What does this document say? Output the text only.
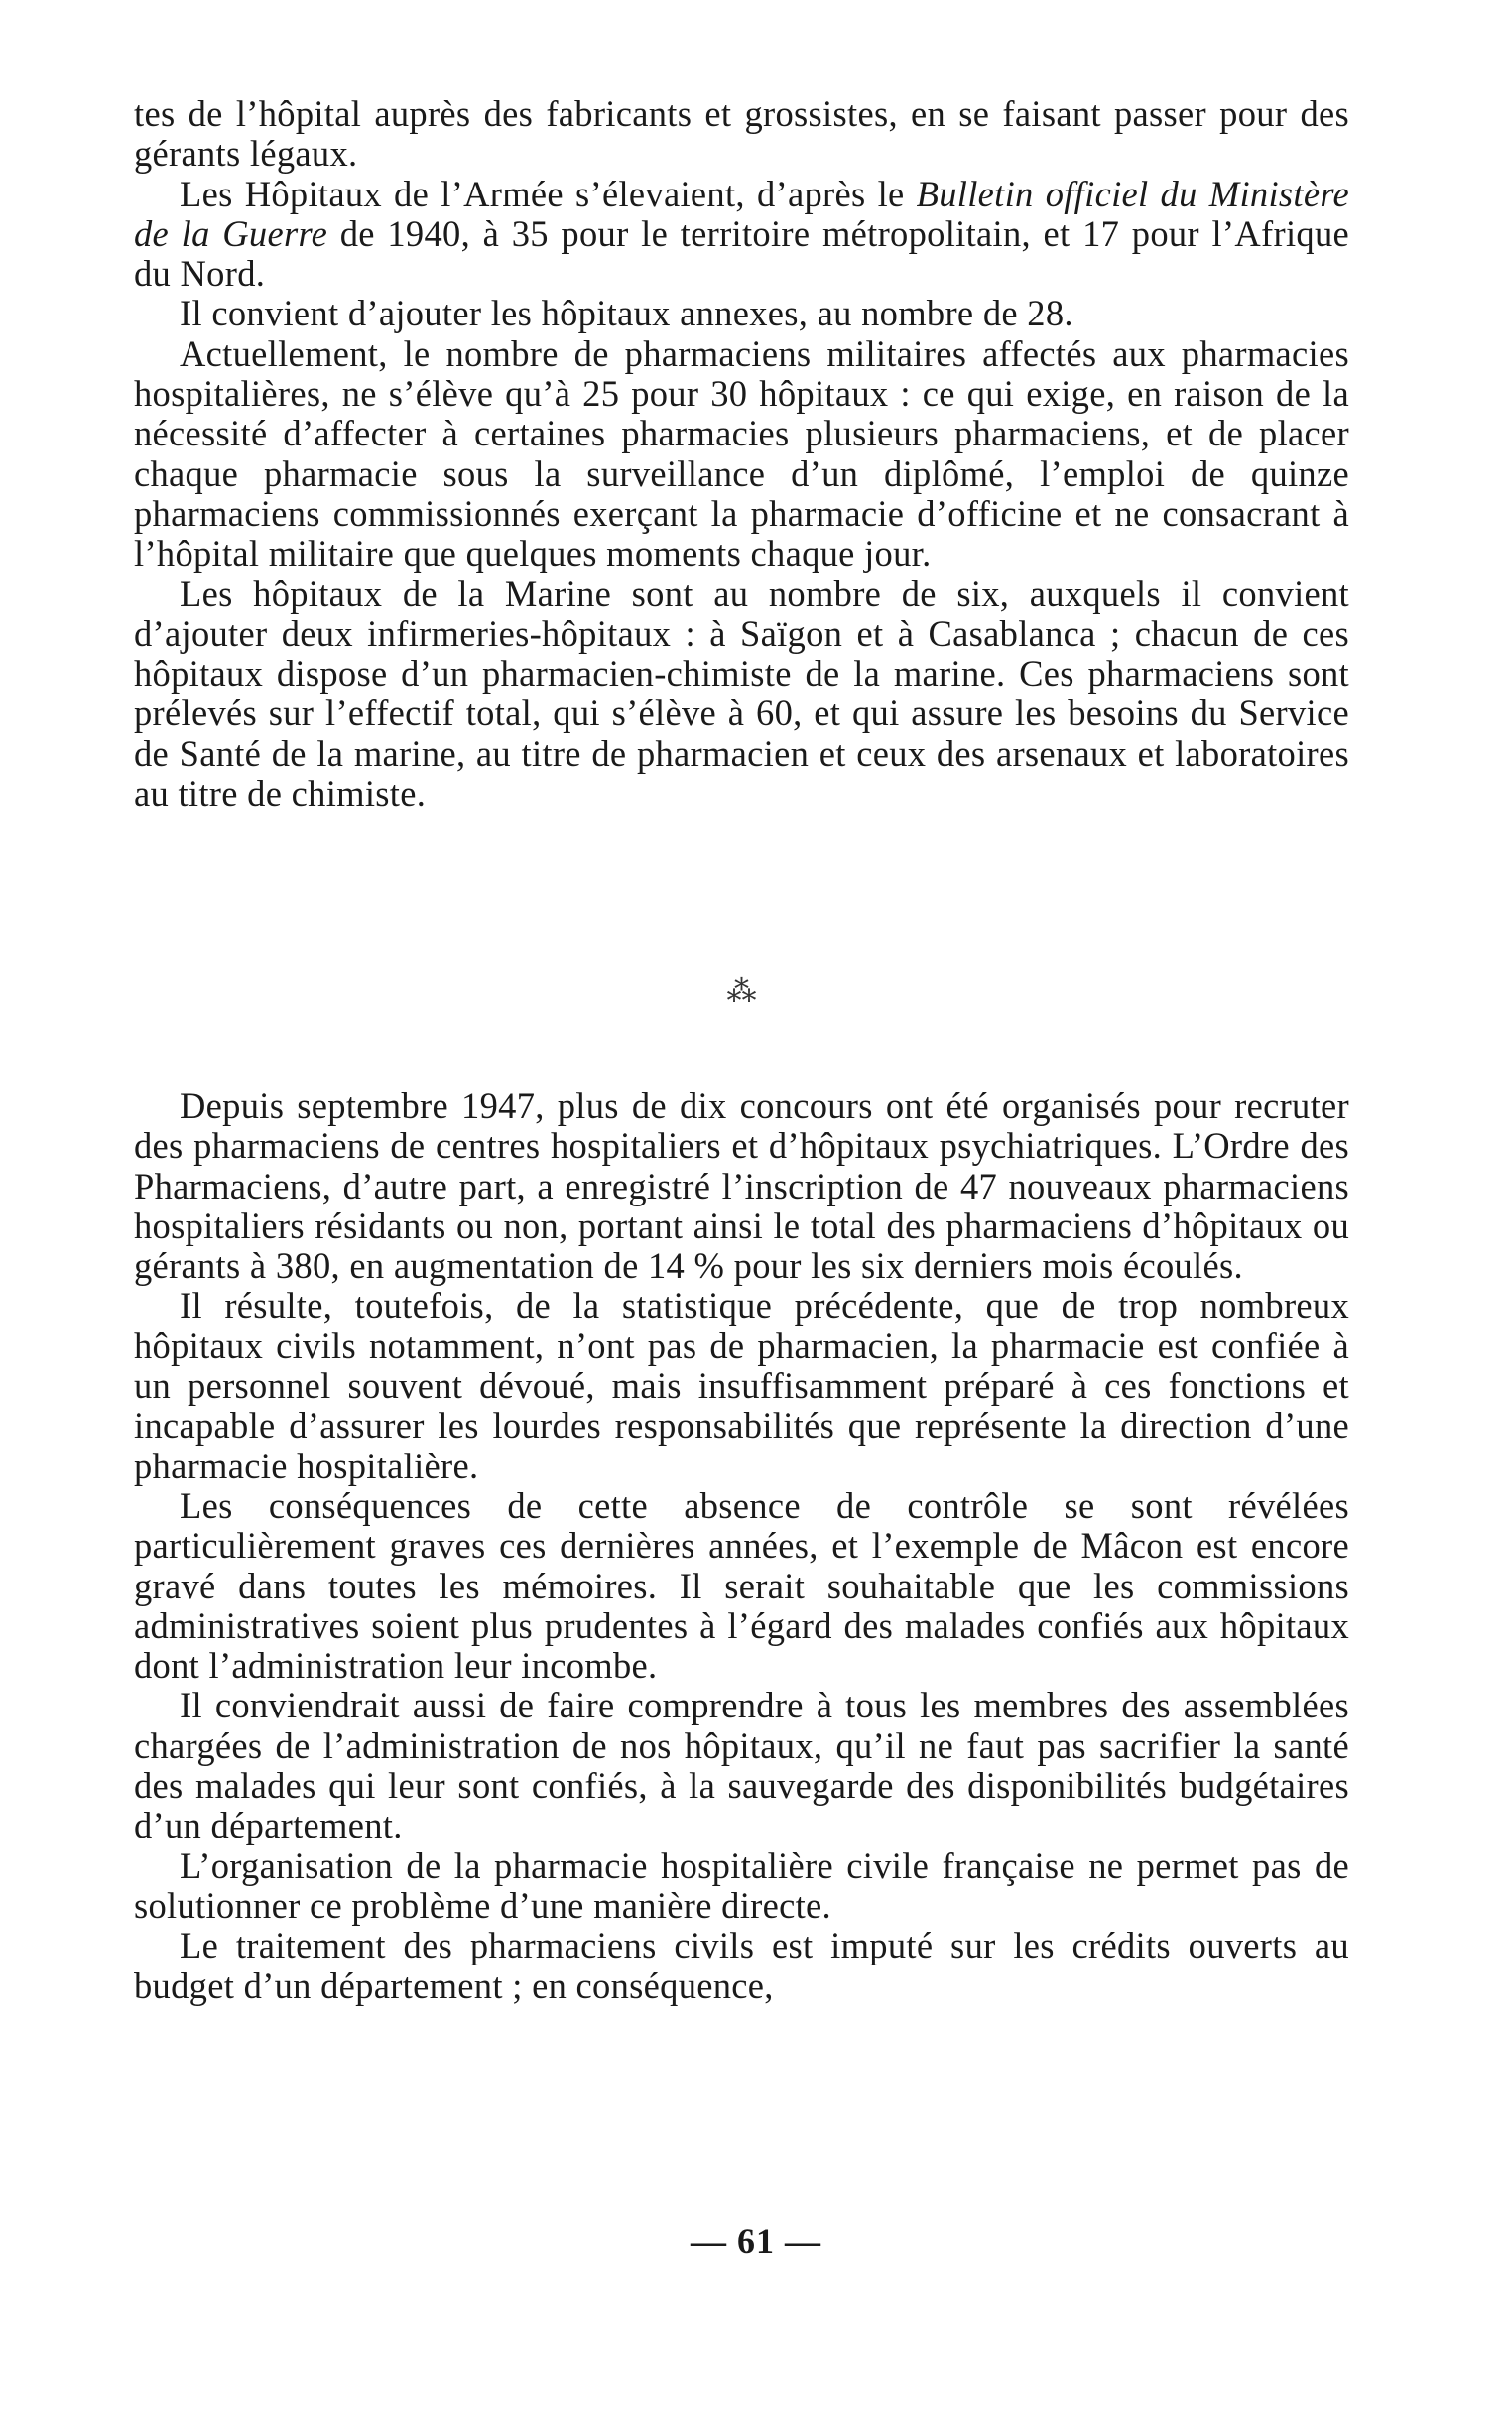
tes de l’hôpital auprès des fabricants et grossistes, en se faisant passer pour des gérants légaux.

Les Hôpitaux de l’Armée s’élevaient, d’après le Bulletin officiel du Ministère de la Guerre de 1940, à 35 pour le territoire métropolitain, et 17 pour l’Afrique du Nord.

Il convient d’ajouter les hôpitaux annexes, au nombre de 28.

Actuellement, le nombre de pharmaciens militaires affectés aux pharmacies hospitalières, ne s’élève qu’à 25 pour 30 hôpitaux : ce qui exige, en raison de la nécessité d’affecter à certaines pharmacies plusieurs pharmaciens, et de placer chaque pharmacie sous la surveillance d’un diplômé, l’emploi de quinze pharmaciens commissionnés exerçant la pharmacie d’officine et ne consacrant à l’hôpital militaire que quelques moments chaque jour.

Les hôpitaux de la Marine sont au nombre de six, auxquels il convient d’ajouter deux infirmeries-hôpitaux : à Saïgon et à Casablanca ; chacun de ces hôpitaux dispose d’un pharmacien-chimiste de la marine. Ces pharmaciens sont prélevés sur l’effectif total, qui s’élève à 60, et qui assure les besoins du Service de Santé de la marine, au titre de pharmacien et ceux des arsenaux et laboratoires au titre de chimiste.

⁂

Depuis septembre 1947, plus de dix concours ont été organisés pour recruter des pharmaciens de centres hospitaliers et d’hôpitaux psychiatriques. L’Ordre des Pharmaciens, d’autre part, a enregistré l’inscription de 47 nouveaux pharmaciens hospitaliers résidants ou non, portant ainsi le total des pharmaciens d’hôpitaux ou gérants à 380, en augmentation de 14 % pour les six derniers mois écoulés.

Il résulte, toutefois, de la statistique précédente, que de trop nombreux hôpitaux civils notamment, n’ont pas de pharmacien, la pharmacie est confiée à un personnel souvent dévoué, mais insuffisamment préparé à ces fonctions et incapable d’assurer les lourdes responsabilités que représente la direction d’une pharmacie hospitalière.

Les conséquences de cette absence de contrôle se sont révélées particulièrement graves ces dernières années, et l’exemple de Mâcon est encore gravé dans toutes les mémoires. Il serait souhaitable que les commissions administratives soient plus prudentes à l’égard des malades confiés aux hôpitaux dont l’administration leur incombe.

Il conviendrait aussi de faire comprendre à tous les membres des assemblées chargées de l’administration de nos hôpitaux, qu’il ne faut pas sacrifier la santé des malades qui leur sont confiés, à la sauvegarde des disponibilités budgétaires d’un département.

L’organisation de la pharmacie hospitalière civile française ne permet pas de solutionner ce problème d’une manière directe.

Le traitement des pharmaciens civils est imputé sur les crédits ouverts au budget d’un département ; en conséquence,

— 61 —
